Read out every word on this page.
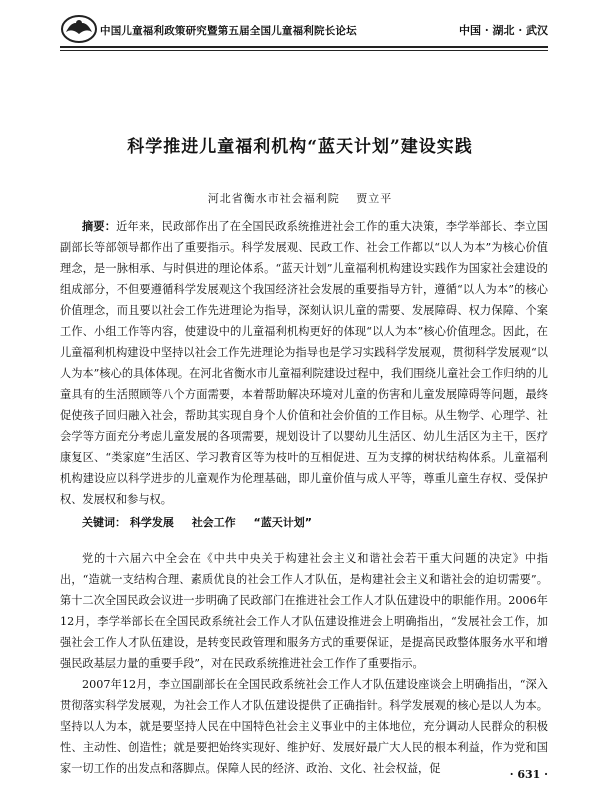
中国儿童福利政策研究暨第五届全国儿童福利院长论坛	中国 · 湖北 · 武汉
科学推进儿童福利机构“蓝天计划”建设实践
河北省衡水市社会福利院 贾立平
摘要：近年来，民政部作出了在全国民政系统推进社会工作的重大决策，李学举部长、李立国副部长等部领导都作出了重要指示。科学发展观、民政工作、社会工作都以“以人为本”为核心价值理念，是一脉相承、与时俱进的理论体系。“蓝天计划”儿童福利机构建设实践作为国家社会建设的组成部分，不但要遵循科学发展观这个我国经济社会发展的重要指导方针，遵循“以人为本”的核心价值理念，而且要以社会工作先进理论为指导，深刻认识儿童的需要、发展障碍、权力保障、个案工作、小组工作等内容，使建设中的儿童福利机构更好的体现“以人为本”核心价值理念。因此，在儿童福利机构建设中坚持以社会工作先进理论为指导也是学习实践科学发展观，贯彻科学发展观“以人为本”核心的具体体现。在河北省衡水市儿童福利院建设过程中，我们围绕儿童社会工作归纳的儿童具有的生活照顾等八个方面需要，本着帮助解决环境对儿童的伤害和儿童发展障碍等问题，最终促使孩子回归融入社会，帮助其实现自身个人价值和社会价值的工作目标。从生物学、心理学、社会学等方面充分考虑儿童发展的各项需要，规划设计了以婴幼儿生活区、幼儿生活区为主干，医疗康复区、“类家庭”生活区、学习教育区等为枝叶的互相促进、互为支撑的树状结构体系。儿童福利机构建设应以科学进步的儿童观作为伦理基础，即儿童价值与成人平等，尊重儿童生存权、受保护权、发展权和参与权。
关键词： 科学发展 社会工作 “蓝天计划”

党的十六届六中全会在《中共中央关于构建社会主义和谐社会若干重大问题的决定》中指出，“造就一支结构合理、素质优良的社会工作人才队伍，是构建社会主义和谐社会的迫切需要”。第十二次全国民政会议进一步明确了民政部门在推进社会工作人才队伍建设中的职能作用。2006年12月，李学举部长在全国民政系统社会工作人才队伍建设推进会上明确指出，“发展社会工作，加强社会工作人才队伍建设，是转变民政管理和服务方式的重要保证，是提高民政整体服务水平和增强民政基层力量的重要手段”，对在民政系统推进社会工作作了重要指示。

2007年12月，李立国副部长在全国民政系统社会工作人才队伍建设座谈会上明确指出，“深入贯彻落实科学发展观，为社会工作人才队伍建设提供了正确指针。科学发展观的核心是以人为本。坚持以人为本，就是要坚持人民在中国特色社会主义事业中的主体地位，充分调动人民群众的积极性、主动性、创造性；就是要把始终实现好、维护好、发展好最广大人民的根本利益，作为党和国家一切工作的出发点和落脚点。保障人民的经济、政治、文化、社会权益，促	· 631 ·
